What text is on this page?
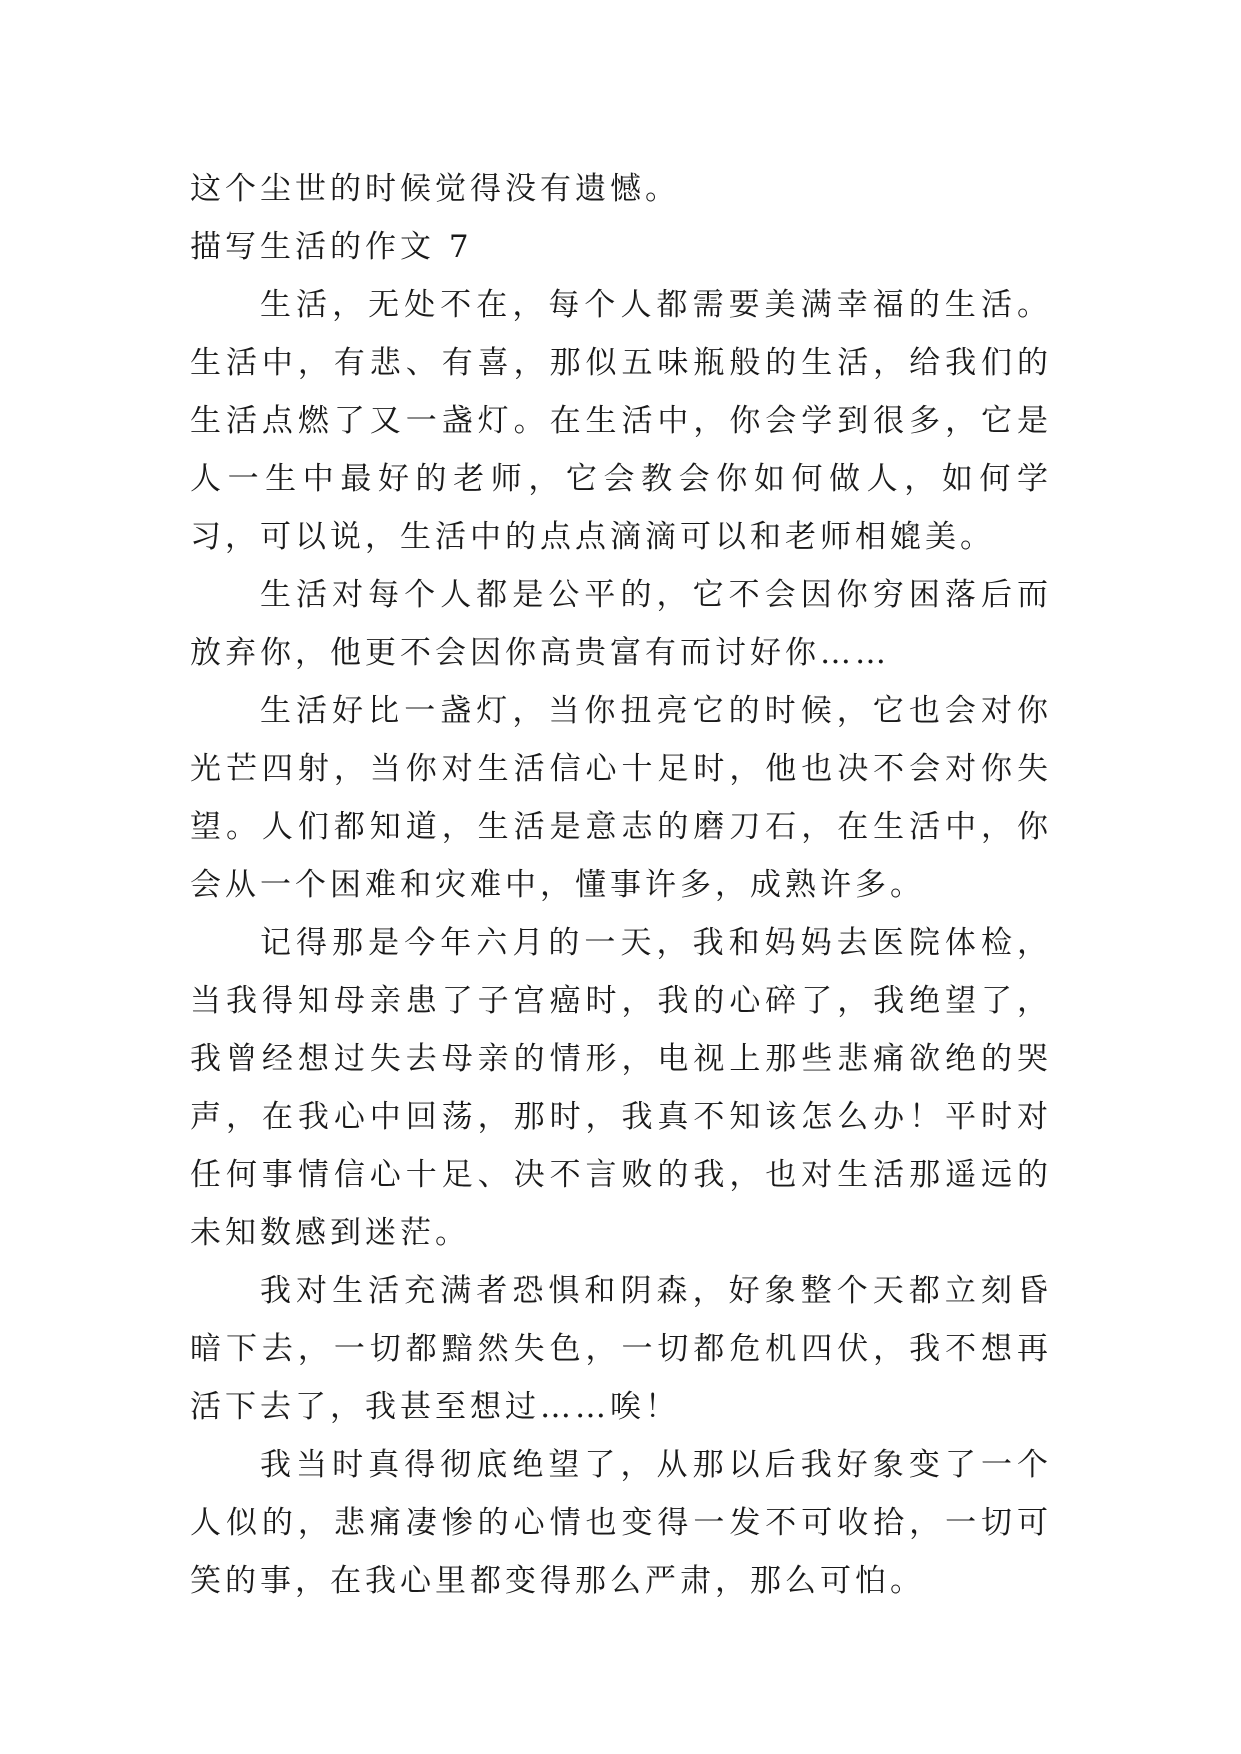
这个尘世的时候觉得没有遗憾。

描写生活的作文 7

生活，无处不在，每个人都需要美满幸福的生活。生活中，有悲、有喜，那似五味瓶般的生活，给我们的生活点燃了又一盏灯。在生活中，你会学到很多，它是人一生中最好的老师，它会教会你如何做人，如何学习，可以说，生活中的点点滴滴可以和老师相媲美。

生活对每个人都是公平的，它不会因你穷困落后而放弃你，他更不会因你高贵富有而讨好你……

生活好比一盏灯，当你扭亮它的时候，它也会对你光芒四射，当你对生活信心十足时，他也决不会对你失望。人们都知道，生活是意志的磨刀石，在生活中，你会从一个困难和灾难中，懂事许多，成熟许多。

记得那是今年六月的一天，我和妈妈去医院体检，当我得知母亲患了子宫癌时，我的心碎了，我绝望了，我曾经想过失去母亲的情形，电视上那些悲痛欲绝的哭声，在我心中回荡，那时，我真不知该怎么办！平时对任何事情信心十足、决不言败的我，也对生活那遥远的未知数感到迷茫。

我对生活充满者恐惧和阴森，好象整个天都立刻昏暗下去，一切都黯然失色，一切都危机四伏，我不想再活下去了，我甚至想过……唉！

我当时真得彻底绝望了，从那以后我好象变了一个人似的，悲痛凄惨的心情也变得一发不可收拾，一切可笑的事，在我心里都变得那么严肃，那么可怕。
